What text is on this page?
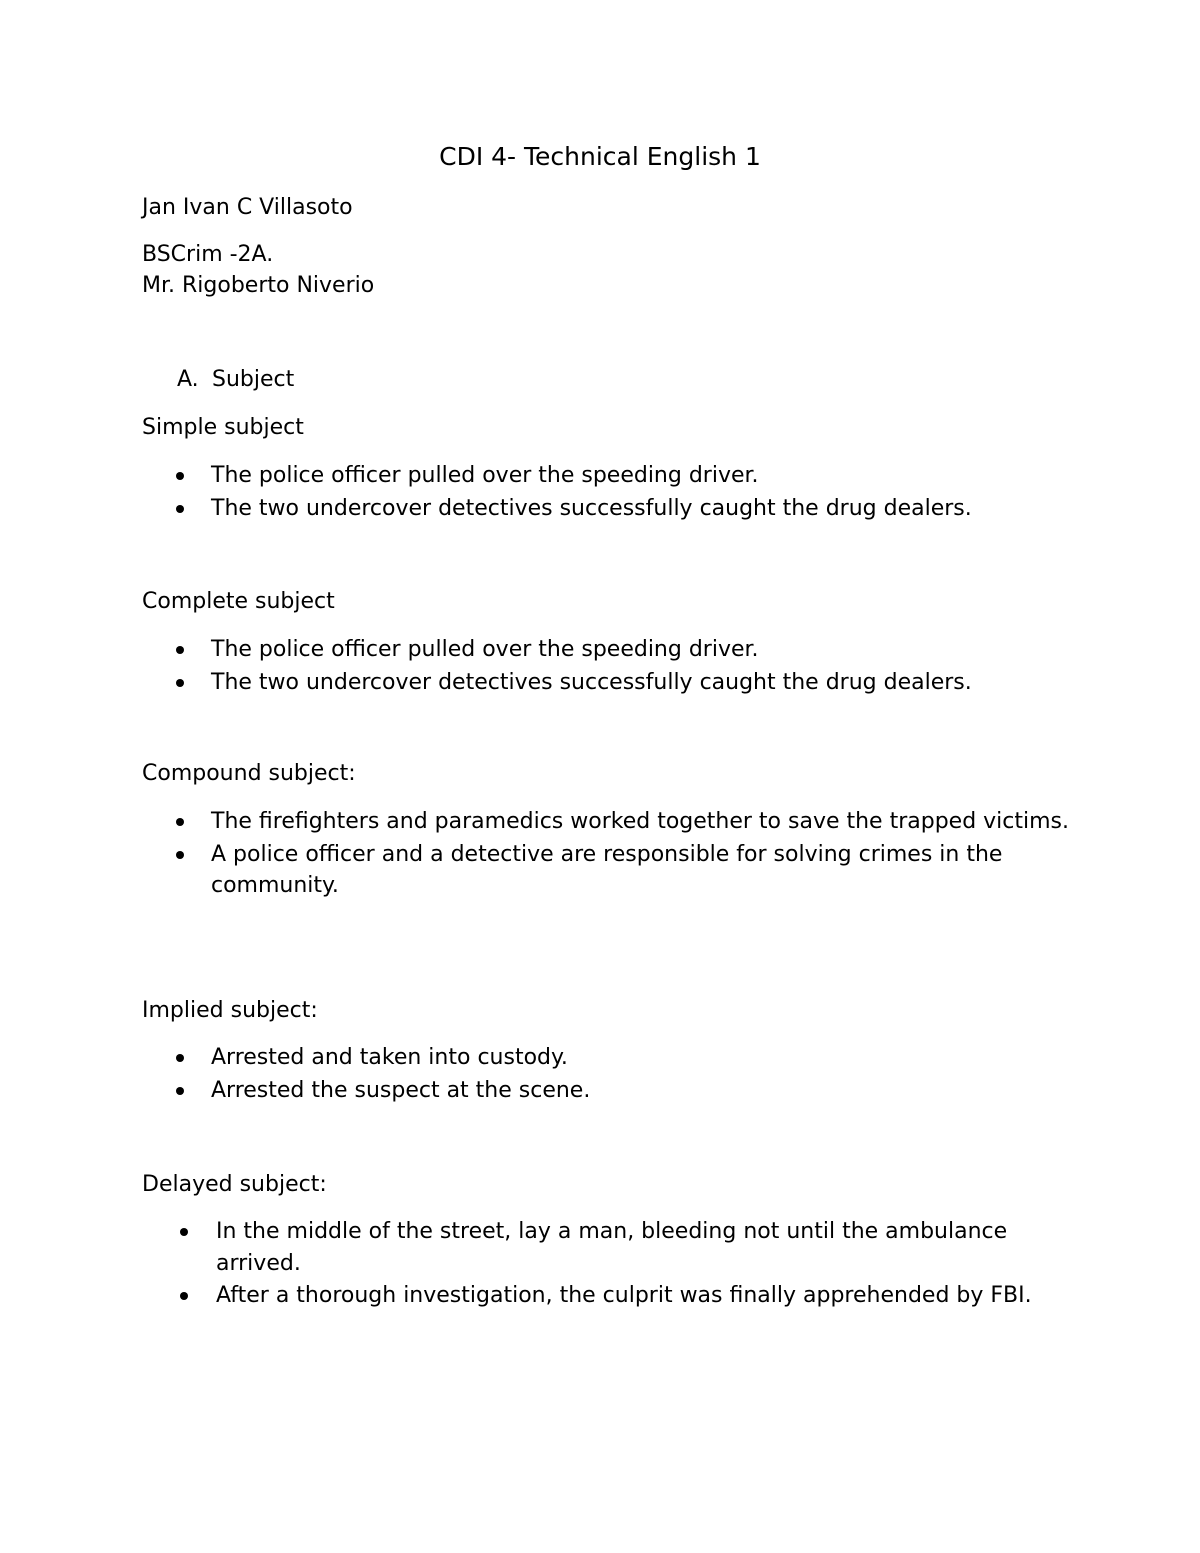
CDI 4- Technical English 1
Jan Ivan C Villasoto
BSCrim -2A.
Mr. Rigoberto Niverio
A. Subject
Simple subject
The police officer pulled over the speeding driver.
The two undercover detectives successfully caught the drug dealers.
Complete subject
The police officer pulled over the speeding driver.
The two undercover detectives successfully caught the drug dealers.
Compound subject:
The firefighters and paramedics worked together to save the trapped victims.
A police officer and a detective are responsible for solving crimes in the community.
Implied subject:
Arrested and taken into custody.
Arrested the suspect at the scene.
Delayed subject:
In the middle of the street, lay a man, bleeding not until the ambulance arrived.
After a thorough investigation, the culprit was finally apprehended by FBI.
